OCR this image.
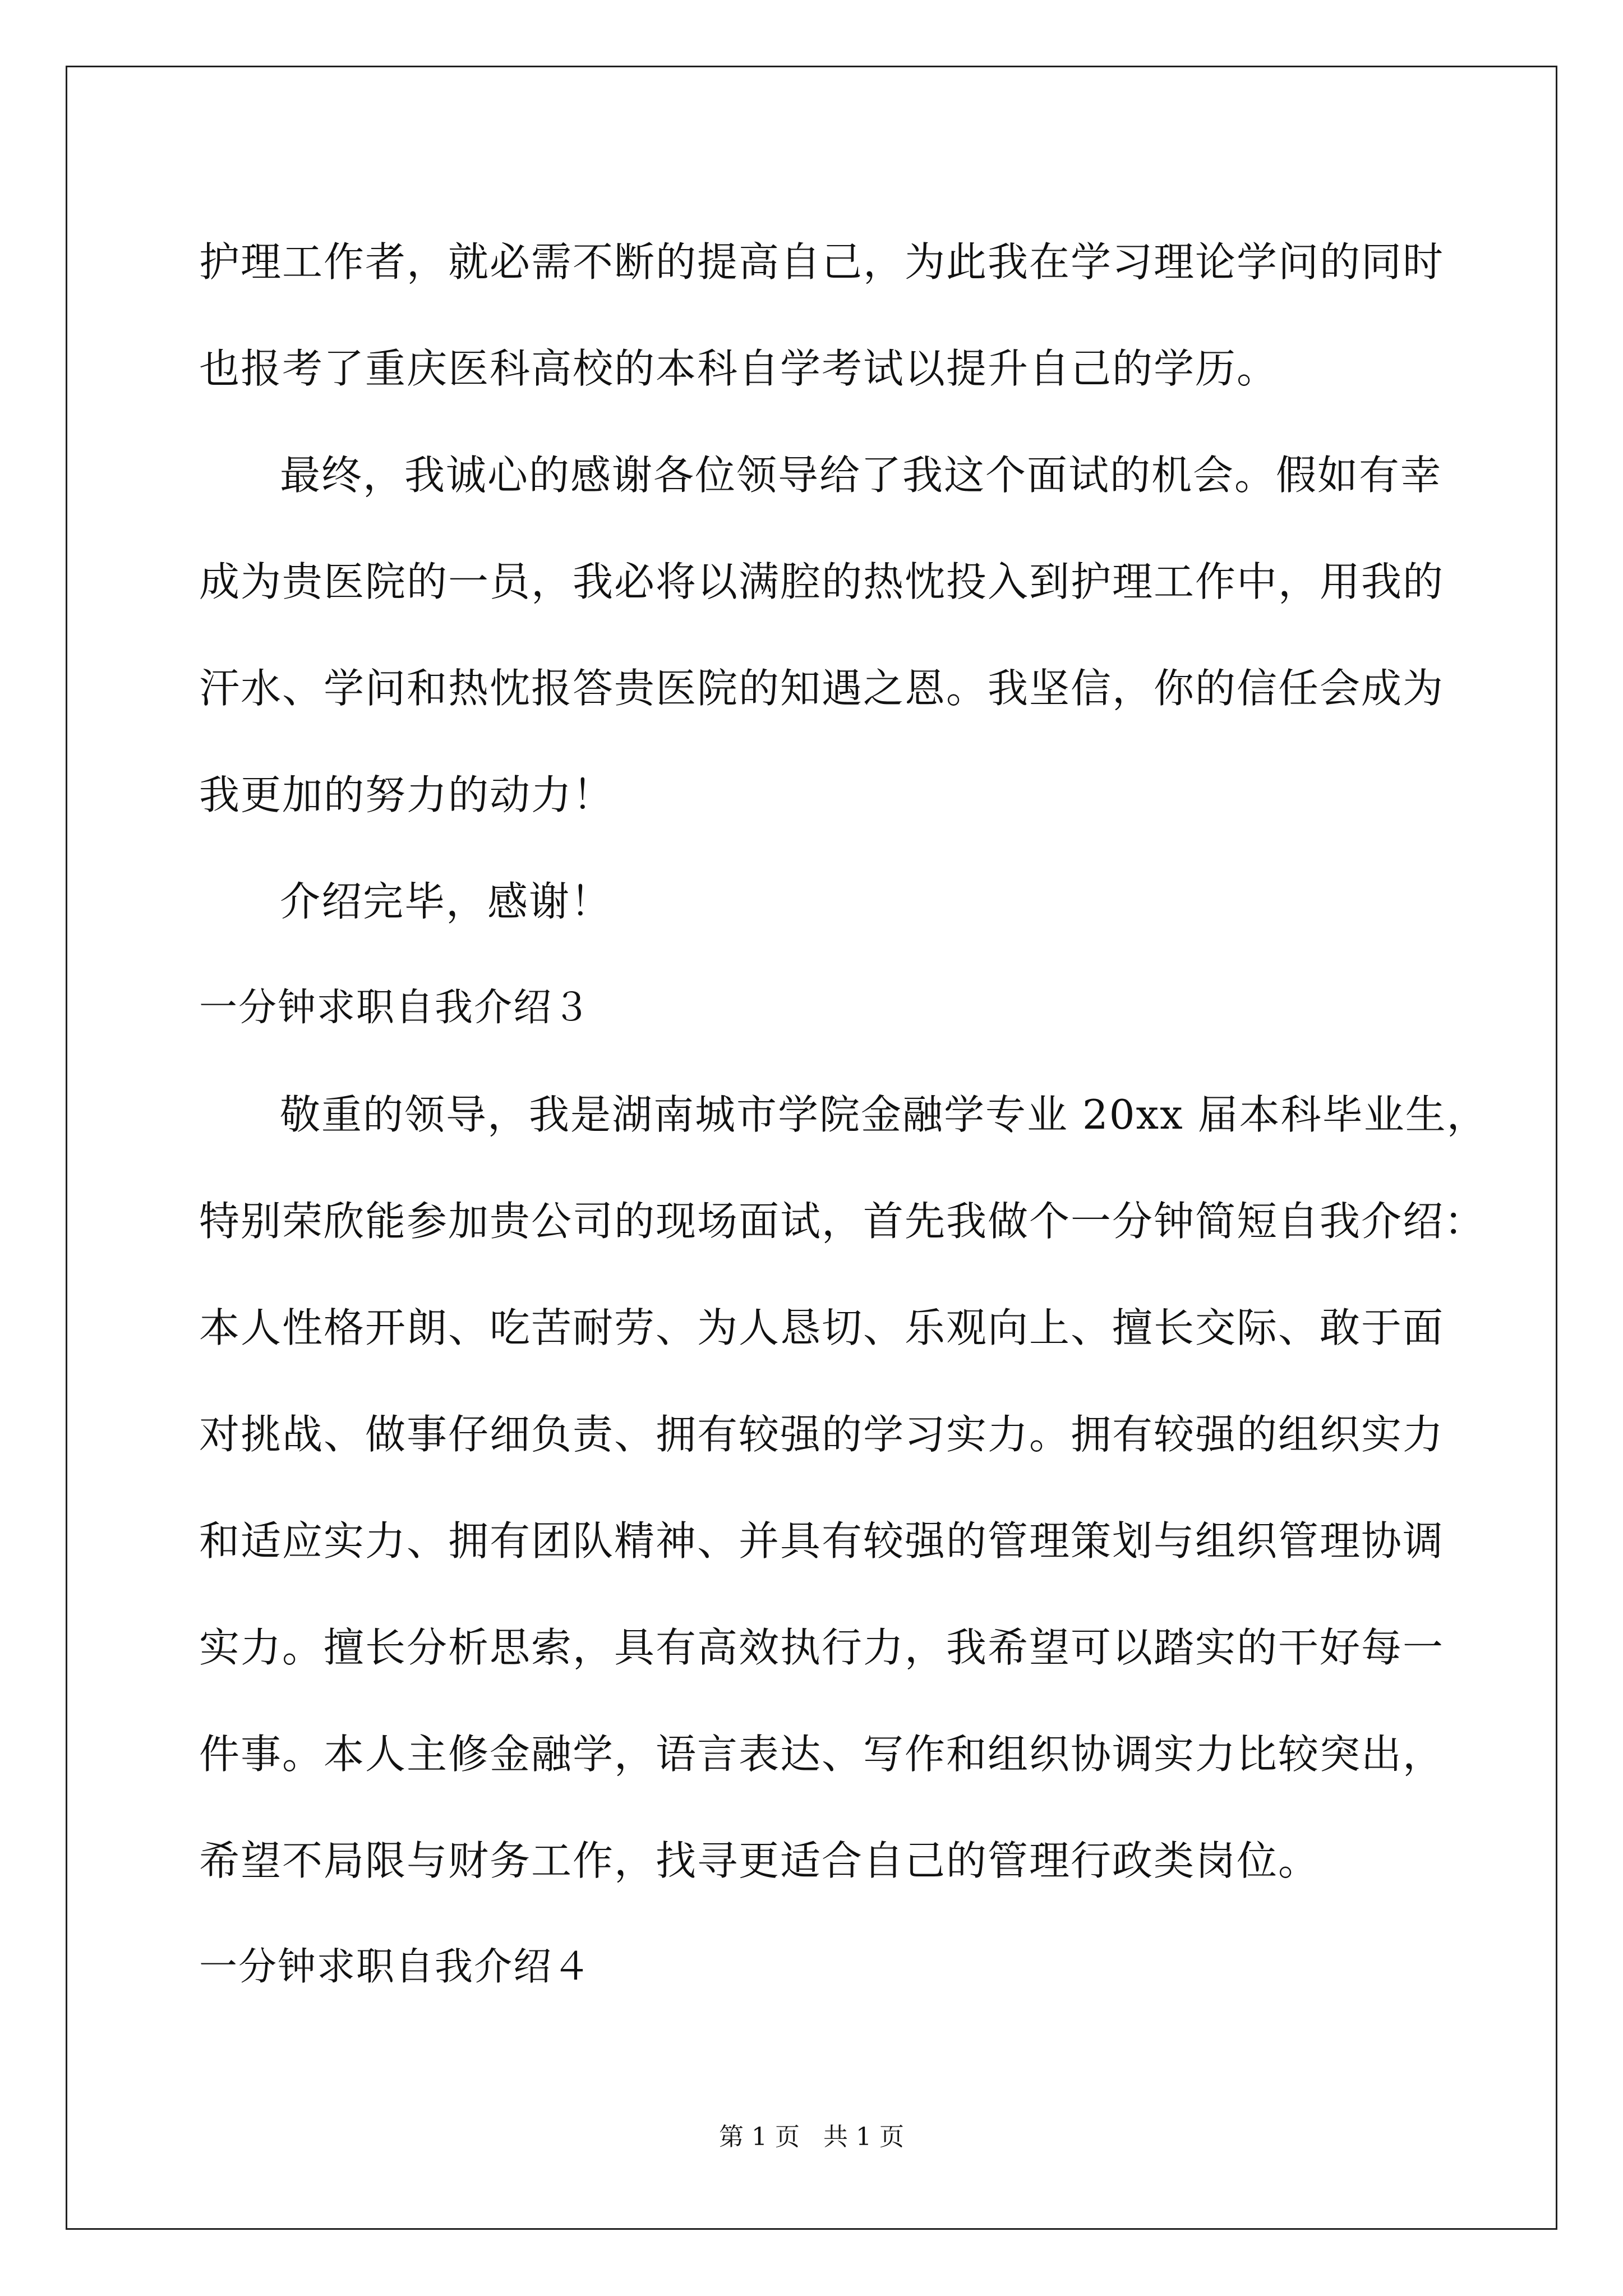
护理工作者，就必需不断的提高自己，为此我在学习理论学问的同时
也报考了重庆医科高校的本科自学考试以提升自己的学历。
最终，我诚心的感谢各位领导给了我这个面试的机会。假如有幸
成为贵医院的一员，我必将以满腔的热忱投入到护理工作中，用我的
汗水、学问和热忱报答贵医院的知遇之恩。我坚信，你的信任会成为
我更加的努力的动力！
介绍完毕，感谢！
一分钟求职自我介绍３
敬重的领导，我是湖南城市学院金融学专业 20xx 届本科毕业生，
特别荣欣能参加贵公司的现场面试，首先我做个一分钟简短自我介绍：
本人性格开朗、吃苦耐劳、为人恳切、乐观向上、擅长交际、敢于面
对挑战、做事仔细负责、拥有较强的学习实力。拥有较强的组织实力
和适应实力、拥有团队精神、并具有较强的管理策划与组织管理协调
实力。擅长分析思索，具有高效执行力，我希望可以踏实的干好每一
件事。本人主修金融学，语言表达、写作和组织协调实力比较突出，
希望不局限与财务工作，找寻更适合自己的管理行政类岗位。
一分钟求职自我介绍４
第 1 页   共 1 页
